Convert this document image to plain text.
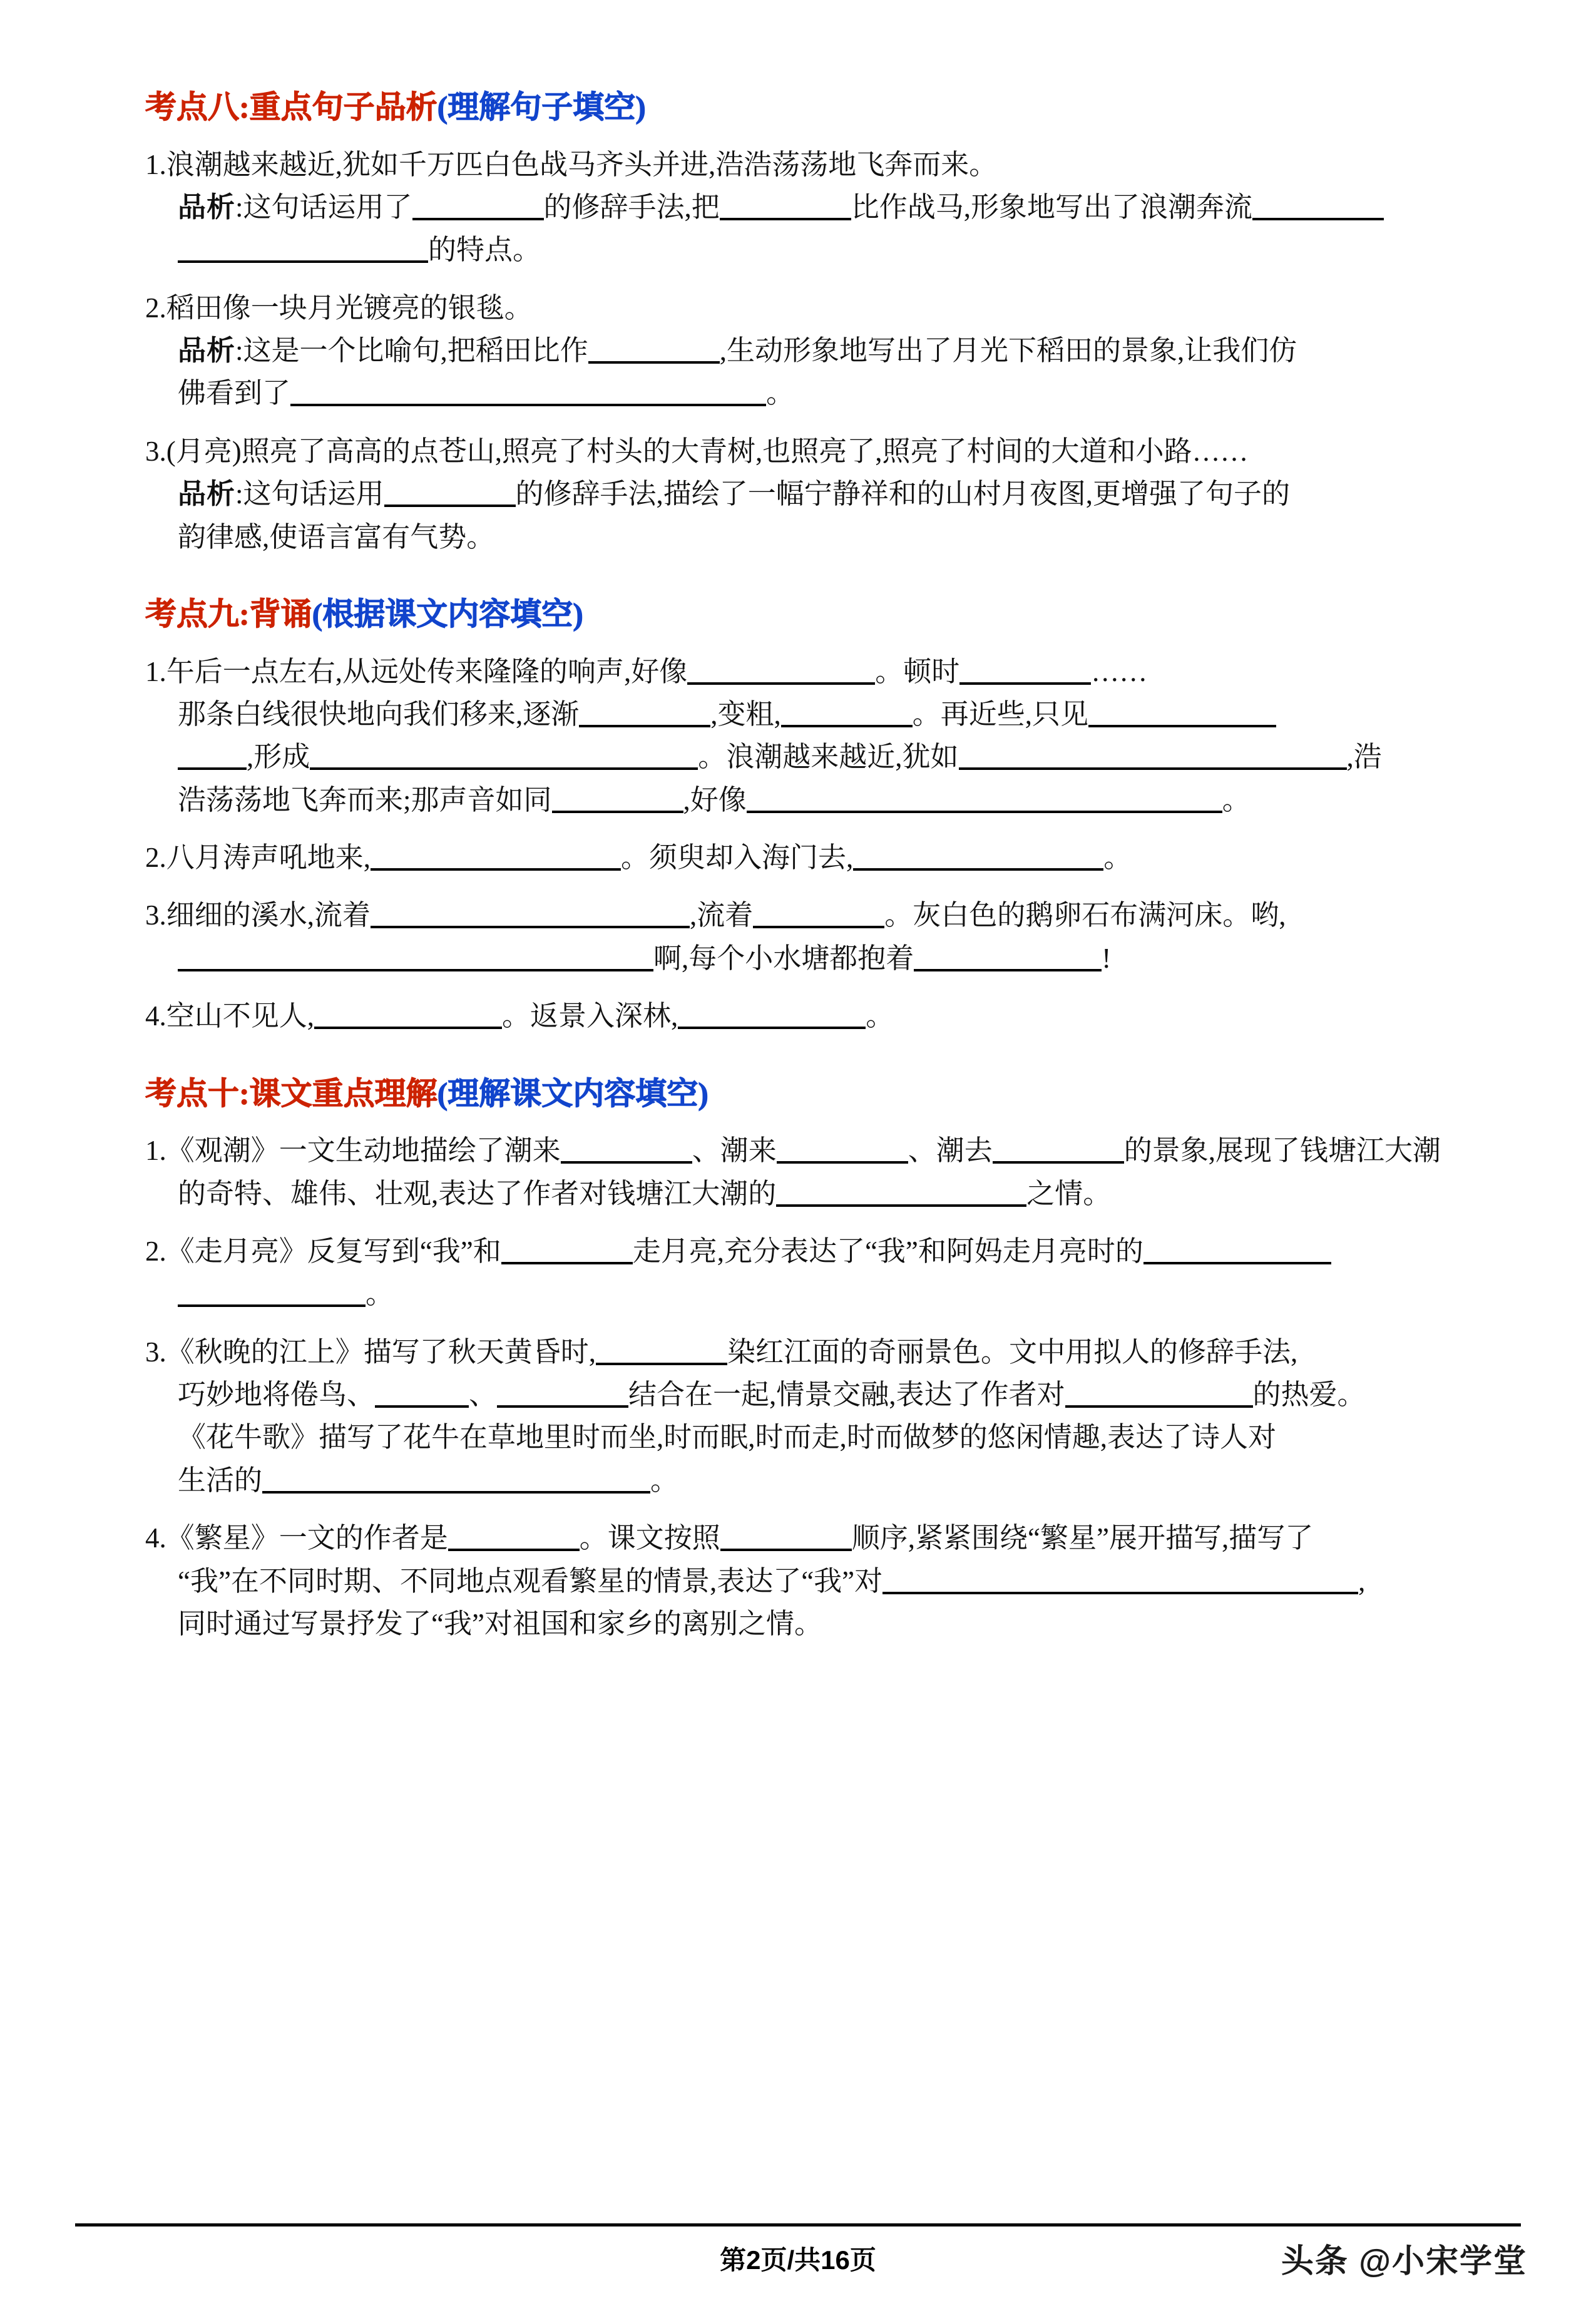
考点八:重点句子品析(理解句子填空)
1.浪潮越来越近,犹如千万匹白色战马齐头并进,浩浩荡荡地飞奔而来。
品析:这句话运用了	的修辞手法,把	比作战马,形象地写出了浪潮奔流
的特点。
2.稻田像一块月光镀亮的银毯。
品析:这是一个比喻句,把稻田比作	,生动形象地写出了月光下稻田的景象,让我们仿
佛看到了	。
3.(月亮)照亮了高高的点苍山,照亮了村头的大青树,也照亮了,照亮了村间的大道和小路……
品析:这句话运用	的修辞手法,描绘了一幅宁静祥和的山村月夜图,更增强了句子的
韵律感,使语言富有气势。
考点九:背诵(根据课文内容填空)
1.午后一点左右,从远处传来隆隆的响声,好像	。顿时	……
那条白线很快地向我们移来,逐渐	,变粗,	。再近些,只见
,形成	。浪潮越来越近,犹如	,浩
浩荡荡地飞奔而来;那声音如同	,好像	。
2.八月涛声吼地来,	。须臾却入海门去,	。
3.细细的溪水,流着	,流着	。灰白色的鹅卵石布满河床。哟,
啊,每个小水塘都抱着	!
4.空山不见人,	。返景入深林,	。
考点十:课文重点理解(理解课文内容填空)
1.《观潮》一文生动地描绘了潮来	、潮来	、潮去	的景象,展现了钱塘江大潮
的奇特、雄伟、壮观,表达了作者对钱塘江大潮的	之情。
2.《走月亮》反复写到“我”和	走月亮,充分表达了“我”和阿妈走月亮时的
。
3.《秋晚的江上》描写了秋天黄昏时,	染红江面的奇丽景色。文中用拟人的修辞手法,
巧妙地将倦鸟、	、	结合在一起,情景交融,表达了作者对	的热爱。
《花牛歌》描写了花牛在草地里时而坐,时而眠,时而走,时而做梦的悠闲情趣,表达了诗人对
生活的	。
4.《繁星》一文的作者是	。课文按照	顺序,紧紧围绕“繁星”展开描写,描写了
“我”在不同时期、不同地点观看繁星的情景,表达了“我”对	,
同时通过写景抒发了“我”对祖国和家乡的离别之情。
第2页/共16页	头条 @小宋学堂
